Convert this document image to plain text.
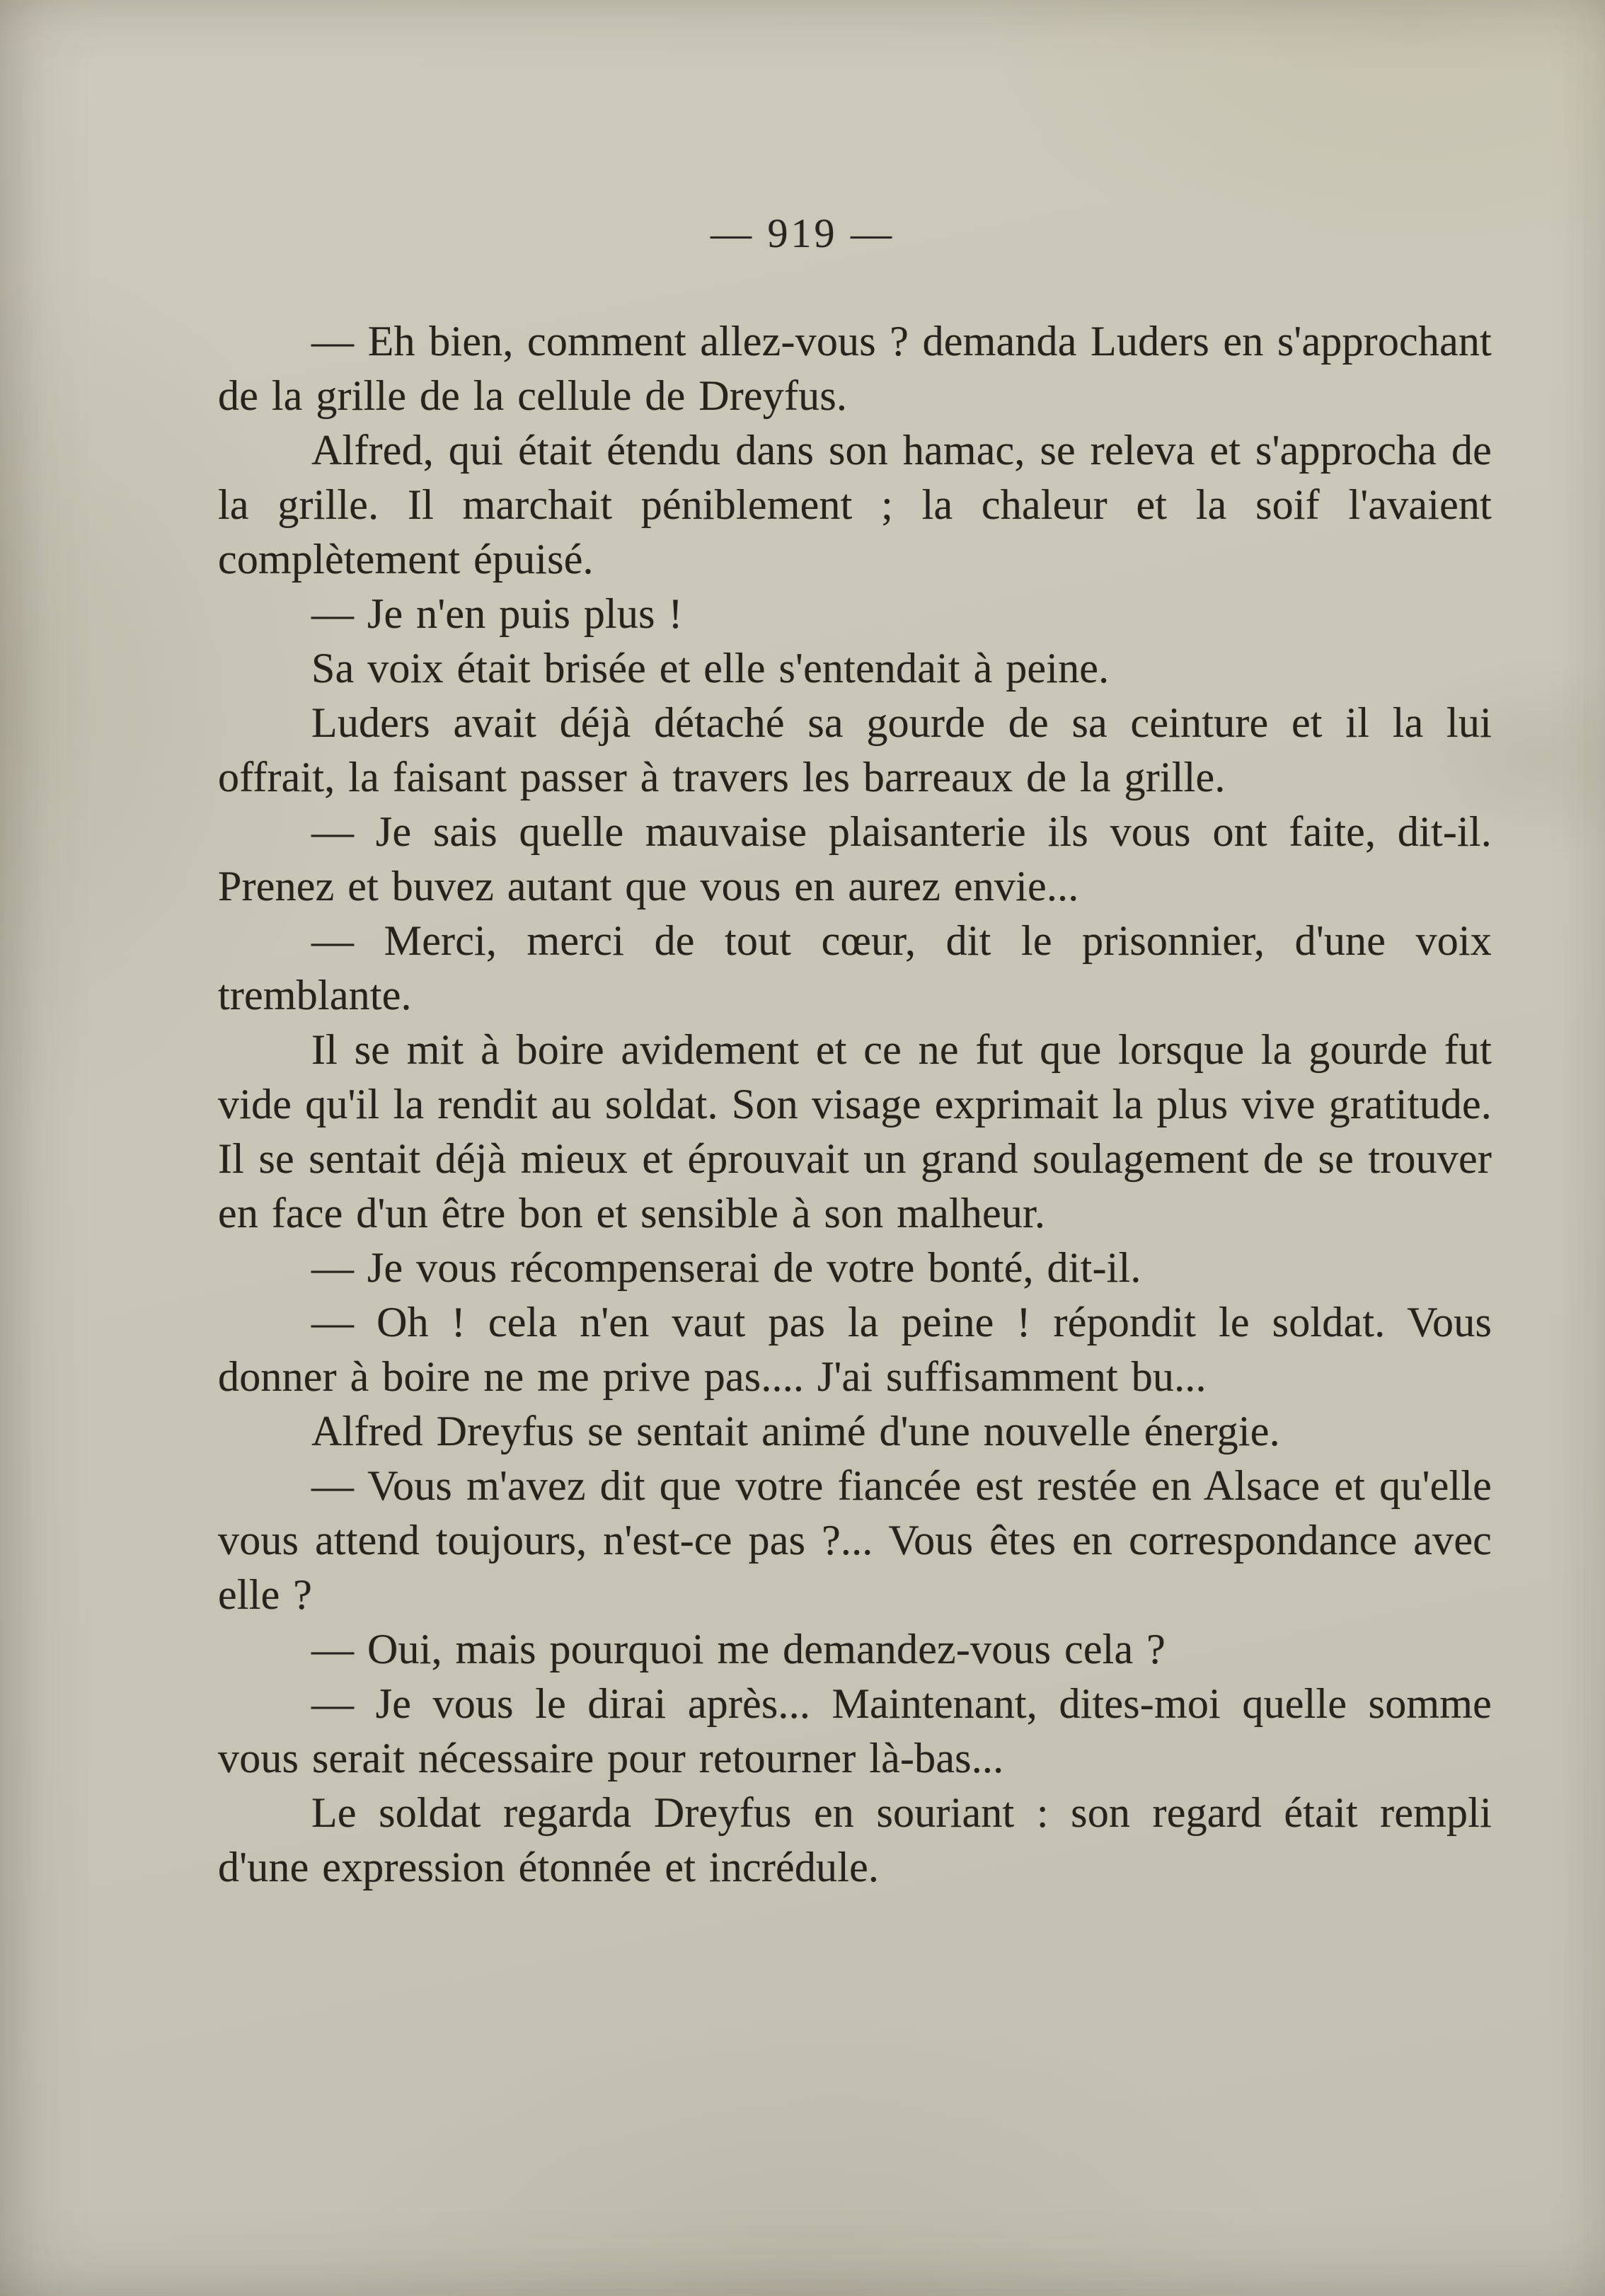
— 919 —

— Eh bien, comment allez-vous ? demanda Luders en s'approchant de la grille de la cellule de Dreyfus.

Alfred, qui était étendu dans son hamac, se releva et s'approcha de la grille. Il marchait péniblement ; la chaleur et la soif l'avaient complètement épuisé.

— Je n'en puis plus !

Sa voix était brisée et elle s'entendait à peine.

Luders avait déjà détaché sa gourde de sa ceinture et il la lui offrait, la faisant passer à travers les barreaux de la grille.

— Je sais quelle mauvaise plaisanterie ils vous ont faite, dit-il. Prenez et buvez autant que vous en aurez envie...

— Merci, merci de tout cœur, dit le prisonnier, d'une voix tremblante.

Il se mit à boire avidement et ce ne fut que lorsque la gourde fut vide qu'il la rendit au soldat. Son visage exprimait la plus vive gratitude. Il se sentait déjà mieux et éprouvait un grand soulagement de se trouver en face d'un être bon et sensible à son malheur.

— Je vous récompenserai de votre bonté, dit-il.

— Oh ! cela n'en vaut pas la peine ! répondit le soldat. Vous donner à boire ne me prive pas.... J'ai suffisamment bu...

Alfred Dreyfus se sentait animé d'une nouvelle énergie.

— Vous m'avez dit que votre fiancée est restée en Alsace et qu'elle vous attend toujours, n'est-ce pas ?... Vous êtes en correspondance avec elle ?

— Oui, mais pourquoi me demandez-vous cela ?

— Je vous le dirai après... Maintenant, dites-moi quelle somme vous serait nécessaire pour retourner là-bas...

Le soldat regarda Dreyfus en souriant : son regard était rempli d'une expression étonnée et incrédule.
